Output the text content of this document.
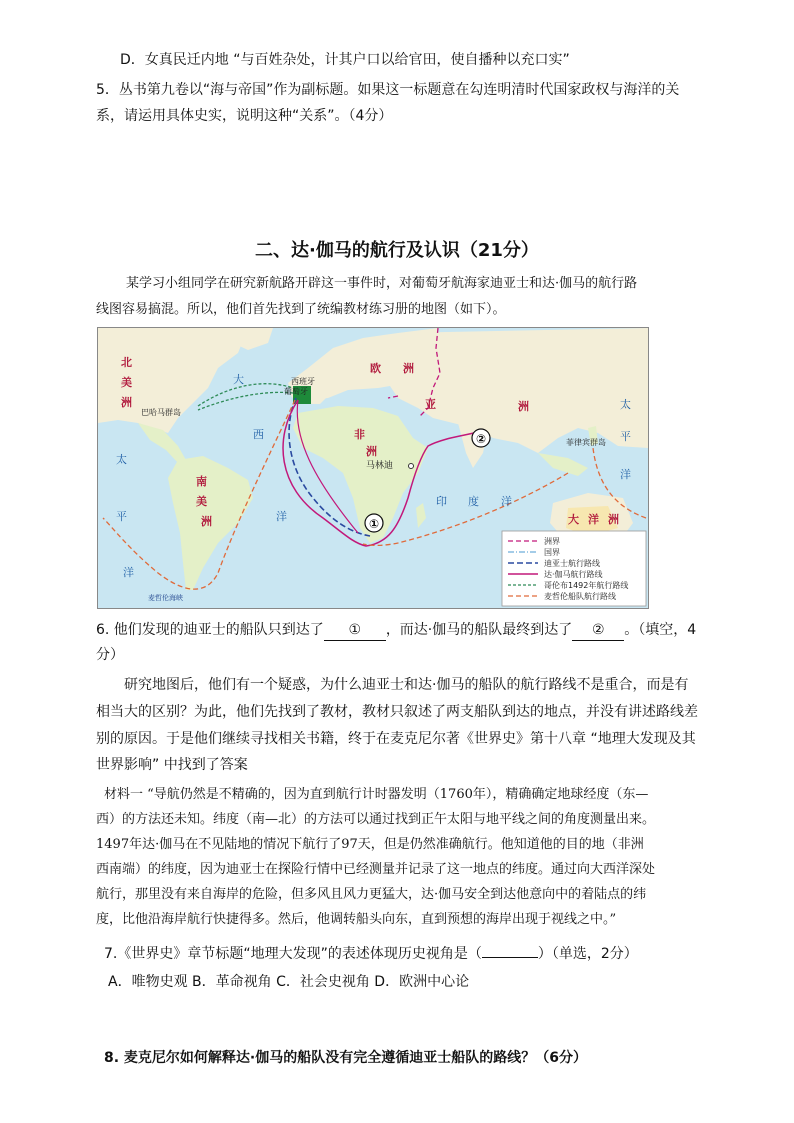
D．女真民迁内地 “与百姓杂处，计其户口以给官田，使自播种以充口实”
5．丛书第九卷以“海与帝国”作为副标题。如果这一标题意在勾连明清时代国家政权与海洋的关
系，请运用具体史实，说明这种“关系”。（4分）
二、达·伽马的航行及认识（21分）
某学习小组同学在研究新航路开辟这一事件时，对葡萄牙航海家迪亚士和达·伽马的航行路
线图容易搞混。所以，他们首先找到了统编教材练习册的地图（如下）。
西班牙
葡萄牙
巴哈马群岛
马林迪
菲律宾群岛
麦哲伦海峡
北
美
洲
大
西
洋
欧 洲
亚	洲
非
洲
南
美
洲
太
平
洋
太
平
洋
印 度 洋
大 洋 洲
①
②
洲界
国界
迪亚士航行路线
达·伽马航行路线
哥伦布1492年航行路线
麦哲伦船队航行路线
6. 他们发现的迪亚士的船队只到达了 ① ，而达·伽马的船队最终到达了 ② 。（填空，4
分）
研究地图后，他们有一个疑惑，为什么迪亚士和达·伽马的船队的航行路线不是重合，而是有
相当大的区别？为此，他们先找到了教材，教材只叙述了两支船队到达的地点，并没有讲述路线差
别的原因。于是他们继续寻找相关书籍，终于在麦克尼尔著《世界史》第十八章 “地理大发现及其
世界影响” 中找到了答案
材料一 “导航仍然是不精确的，因为直到航行计时器发明（1760年），精确确定地球经度（东—
西）的方法还未知。纬度（南—北）的方法可以通过找到正午太阳与地平线之间的角度测量出来。
1497年达·伽马在不见陆地的情况下航行了97天，但是仍然准确航行。他知道他的目的地（非洲
西南端）的纬度，因为迪亚士在探险行情中已经测量并记录了这一地点的纬度。通过向大西洋深处
航行，那里没有来自海岸的危险，但多风且风力更猛大，达·伽马安全到达他意向中的着陆点的纬
度，比他沿海岸航行快捷得多。然后，他调转船头向东，直到预想的海岸出现于视线之中。”
7.《世界史》章节标题“地理大发现”的表述体现历史视角是（	）（单选，2分）
A．唯物史观 B．革命视角 C．社会史视角 D．欧洲中心论
8. 麦克尼尔如何解释达·伽马的船队没有完全遵循迪亚士船队的路线？（6分）
